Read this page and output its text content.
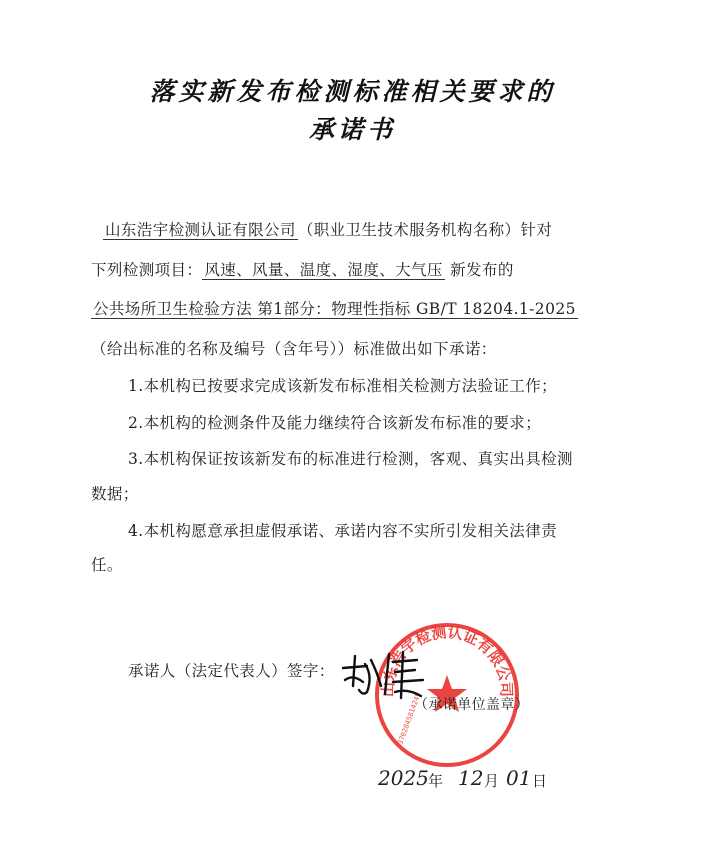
落实新发布检测标准相关要求的
承诺书
山东浩宇检测认证有限公司 （职业卫生技术服务机构名称）针对
下列检测项目： 风速、风量、温度、湿度、大气压 新发布的
公共场所卫生检验方法 第1部分：物理性指标 GB/T 18204.1-2025
（给出标准的名称及编号（含年号））标准做出如下承诺：
1.本机构已按要求完成该新发布标准相关检测方法验证工作；
2.本机构的检测条件及能力继续符合该新发布标准的要求；
3.本机构保证按该新发布的标准进行检测，客观、真实出具检测
数据；
4.本机构愿意承担虚假承诺、承诺内容不实所引发相关法律责
任。
承诺人（法定代表人）签字：
山东浩宇检测认证有限公司
3702845814249
（承诺单位盖章）
2025 年 12 月 01 日
